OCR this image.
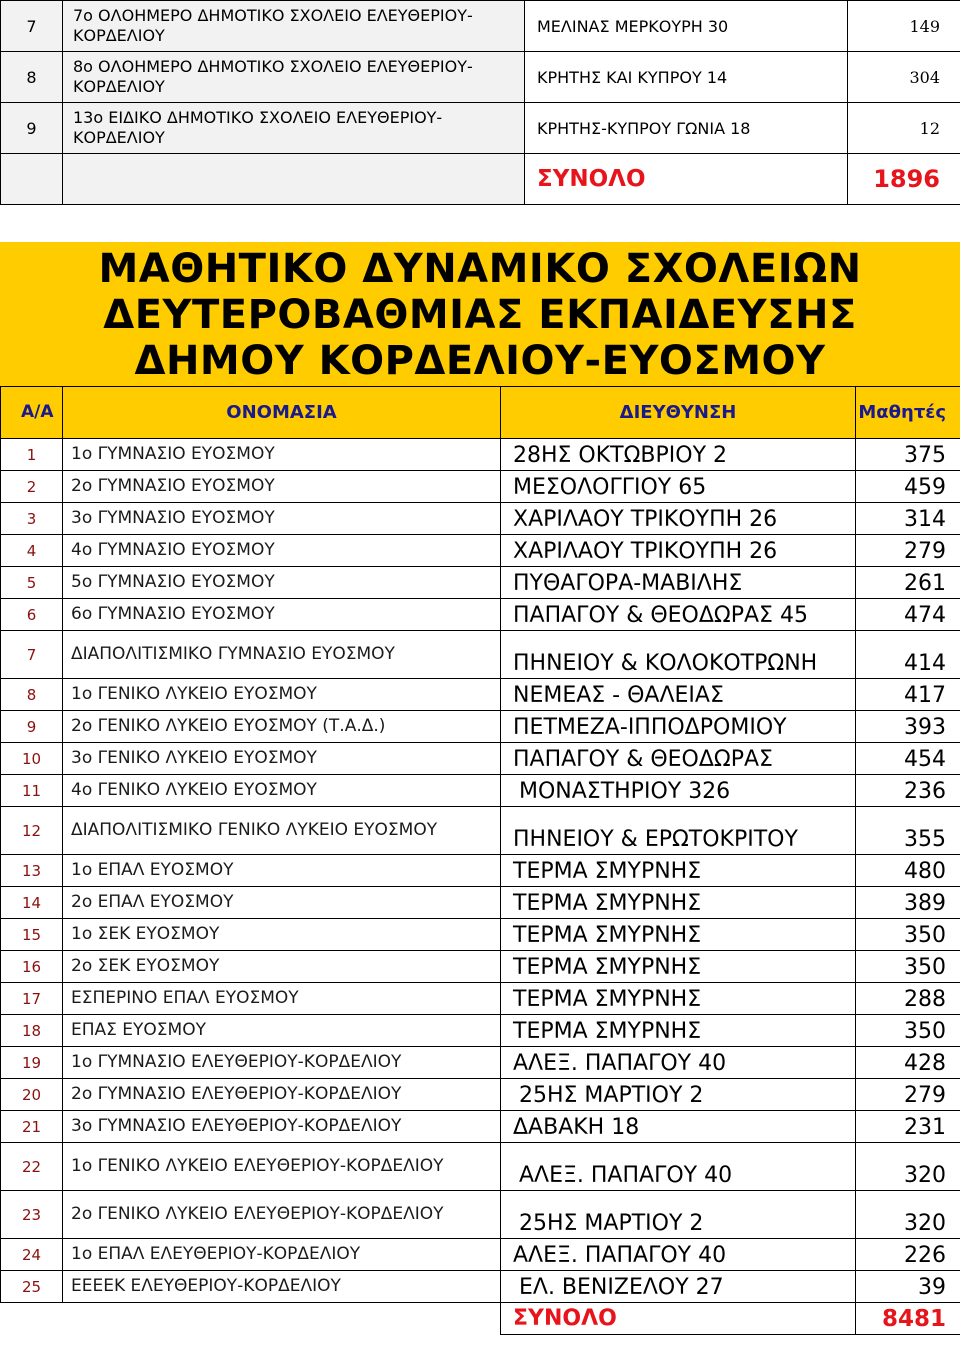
7	7ο ΟΛΟΗΜΕΡΟ ΔΗΜΟΤΙΚΟ ΣΧΟΛΕΙΟ ΕΛΕΥΘΕΡΙΟΥ-ΚΟΡΔΕΛΙΟΥ	ΜΕΛΙΝΑΣ ΜΕΡΚΟΥΡΗ 30	149
8	8ο ΟΛΟΗΜΕΡΟ ΔΗΜΟΤΙΚΟ ΣΧΟΛΕΙΟ ΕΛΕΥΘΕΡΙΟΥ-ΚΟΡΔΕΛΙΟΥ	ΚΡΗΤΗΣ ΚΑΙ ΚΥΠΡΟΥ 14	304
9	13ο ΕΙΔΙΚΟ ΔΗΜΟΤΙΚΟ ΣΧΟΛΕΙΟ ΕΛΕΥΘΕΡΙΟΥ-ΚΟΡΔΕΛΙΟΥ	ΚΡΗΤΗΣ-ΚΥΠΡΟΥ ΓΩΝΙΑ 18	12
		ΣΥΝΟΛΟ	1896
ΜΑΘΗΤΙΚΟ ΔΥΝΑΜΙΚΟ ΣΧΟΛΕΙΩΝ
ΔΕΥΤΕΡΟΒΑΘΜΙΑΣ ΕΚΠΑΙΔΕΥΣΗΣ
ΔΗΜΟΥ ΚΟΡΔΕΛΙΟΥ-ΕΥΟΣΜΟΥ
Α/Α	ΟΝΟΜΑΣΙΑ	ΔΙΕΥΘΥΝΣΗ	Μαθητές
1	1ο ΓΥΜΝΑΣΙΟ ΕΥΟΣΜΟΥ	28ΗΣ ΟΚΤΩΒΡΙΟΥ 2	375
2	2ο ΓΥΜΝΑΣΙΟ ΕΥΟΣΜΟΥ	ΜΕΣΟΛΟΓΓΙΟΥ 65	459
3	3ο ΓΥΜΝΑΣΙΟ ΕΥΟΣΜΟΥ	ΧΑΡΙΛΑΟΥ ΤΡΙΚΟΥΠΗ 26	314
4	4ο ΓΥΜΝΑΣΙΟ ΕΥΟΣΜΟΥ	ΧΑΡΙΛΑΟΥ ΤΡΙΚΟΥΠΗ 26	279
5	5ο ΓΥΜΝΑΣΙΟ ΕΥΟΣΜΟΥ	ΠΥΘΑΓΟΡΑ-ΜΑΒΙΛΗΣ	261
6	6ο ΓΥΜΝΑΣΙΟ ΕΥΟΣΜΟΥ	ΠΑΠΑΓΟΥ & ΘΕΟΔΩΡΑΣ 45	474
7	ΔΙΑΠΟΛΙΤΙΣΜΙΚΟ ΓΥΜΝΑΣΙΟ ΕΥΟΣΜΟΥ	ΠΗΝΕΙΟΥ & ΚΟΛΟΚΟΤΡΩΝΗ	414
8	1ο ΓΕΝΙΚΟ ΛΥΚΕΙΟ ΕΥΟΣΜΟΥ	ΝΕΜΕΑΣ - ΘΑΛΕΙΑΣ	417
9	2ο ΓΕΝΙΚΟ ΛΥΚΕΙΟ ΕΥΟΣΜΟΥ (Τ.Α.Δ.)	ΠΕΤΜΕΖΑ-ΙΠΠΟΔΡΟΜΙΟΥ	393
10	3ο ΓΕΝΙΚΟ ΛΥΚΕΙΟ ΕΥΟΣΜΟΥ	ΠΑΠΑΓΟΥ & ΘΕΟΔΩΡΑΣ	454
11	4ο ΓΕΝΙΚΟ ΛΥΚΕΙΟ ΕΥΟΣΜΟΥ	ΜΟΝΑΣΤΗΡΙΟΥ 326	236
12	ΔΙΑΠΟΛΙΤΙΣΜΙΚΟ ΓΕΝΙΚΟ ΛΥΚΕΙΟ ΕΥΟΣΜΟΥ	ΠΗΝΕΙΟΥ & ΕΡΩΤΟΚΡΙΤΟΥ	355
13	1ο ΕΠΑΛ ΕΥΟΣΜΟΥ	ΤΕΡΜΑ ΣΜΥΡΝΗΣ	480
14	2ο ΕΠΑΛ ΕΥΟΣΜΟΥ	ΤΕΡΜΑ ΣΜΥΡΝΗΣ	389
15	1ο ΣΕΚ ΕΥΟΣΜΟΥ	ΤΕΡΜΑ ΣΜΥΡΝΗΣ	350
16	2ο ΣΕΚ ΕΥΟΣΜΟΥ	ΤΕΡΜΑ ΣΜΥΡΝΗΣ	350
17	ΕΣΠΕΡΙΝΟ ΕΠΑΛ ΕΥΟΣΜΟΥ	ΤΕΡΜΑ ΣΜΥΡΝΗΣ	288
18	ΕΠΑΣ ΕΥΟΣΜΟΥ	ΤΕΡΜΑ ΣΜΥΡΝΗΣ	350
19	1ο ΓΥΜΝΑΣΙΟ ΕΛΕΥΘΕΡΙΟΥ-ΚΟΡΔΕΛΙΟΥ	ΑΛΕΞ. ΠΑΠΑΓΟΥ 40	428
20	2ο ΓΥΜΝΑΣΙΟ ΕΛΕΥΘΕΡΙΟΥ-ΚΟΡΔΕΛΙΟΥ	25ΗΣ ΜΑΡΤΙΟΥ 2	279
21	3ο ΓΥΜΝΑΣΙΟ ΕΛΕΥΘΕΡΙΟΥ-ΚΟΡΔΕΛΙΟΥ	ΔΑΒΑΚΗ 18	231
22	1ο ΓΕΝΙΚΟ ΛΥΚΕΙΟ ΕΛΕΥΘΕΡΙΟΥ-ΚΟΡΔΕΛΙΟΥ	ΑΛΕΞ. ΠΑΠΑΓΟΥ 40	320
23	2ο ΓΕΝΙΚΟ ΛΥΚΕΙΟ ΕΛΕΥΘΕΡΙΟΥ-ΚΟΡΔΕΛΙΟΥ	25ΗΣ ΜΑΡΤΙΟΥ 2	320
24	1ο ΕΠΑΛ ΕΛΕΥΘΕΡΙΟΥ-ΚΟΡΔΕΛΙΟΥ	ΑΛΕΞ. ΠΑΠΑΓΟΥ 40	226
25	ΕΕΕΕΚ ΕΛΕΥΘΕΡΙΟΥ-ΚΟΡΔΕΛΙΟΥ	ΕΛ. ΒΕΝΙΖΕΛΟΥ 27	39
		ΣΥΝΟΛΟ	8481
